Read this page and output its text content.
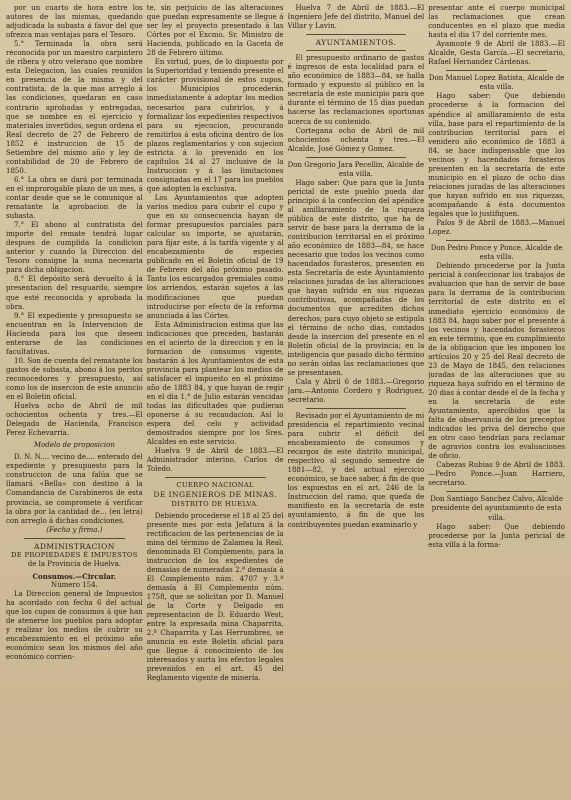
por un cuarto de hora entre los autores de las mismas, quedando adjudicada la subasta á favor del que ofrezca mas ventajas para el Tesoro.

5.° Terminada la obra será reconocida por un maestro carpintero de ribera y otro veterano que nombre esta Delegacion, las cuales reunidos en presencia de la misma y del contratista, de la que mas arreglo á las condiciones, quedaran en caso contrario aprobadas y entregadas, que se nombre en el ejercicio y materiales invertidos, segun ordena el Real decreto de 27 de Febrero de 1852 é instruccion de 15 de Setiembre del mismo año y ley de contabilidad de 20 de Febrero de 1850.

6.° La obra se dará por terminada en el improrogable plazo de un mes, á contar desde que se le comunique al rematante la aprobacion de la subasta.

7.° El abono al contratista del importe del remate tendrá lugar despues de cumplida la condicion anterior y cuando la Direccion del Tesoro consigne la suma necesaria para dicha obligacion.

8.° El depósito será devuelto á la presentacion del resguardo, siempre que esté reconocida y aprobada la obra.

9.° El expediente y presupuesto se encuentran en la Intervencion de Hacienda para los que deseen enterarse de las condiciones facultativas.

10. Son de cuenta del rematante los gastos de subasta, abono á los peritos reconocedores y presupuesto, así como los de insercion de este anuncio en el Boletin oficial.

Huelva ocho de Abril de mil ochocientos ochenta y tres.—El Delegado de Hacienda, Francisco Perez Echevarría.

Modelo de proposicion

D. N. N.... vecino de.... enterado del expediente y presupuesto para la construccion de una falúa que se llamará «Bella» con destino á la Comandancia de Carabineros de esta provincia, se compromete á verificar la obra por la cantidad de... (en letra) con arreglo á dichas condiciones.

(Fecha y firma.)

ADMINISTRACION

DE PROPIEDADES É IMPUESTOS

de la Provincia de Huelva.

Consumos.—Circular.

Número 154.

La Direccion general de Impuestos ha acordado con fecha 6 del actual que los cupos de consumos á que han de atenerse los pueblos para adoptar y realizar los medios de cubrir su encabezamiento en el próximo año económico sean los mismos del año económico corrien-

te, sin perjuicio de las alteraciones que puedan expresamente se llegue á ser ley el proyecto presentado á las Córtes por el Excmo. Sr. Ministro de Hacienda, publicado en la Gaceta de 28 de Febrero último.

En virtud, pues, de lo dispuesto por la Superioridad y teniendo presente el carácter provisional de estos cupos, los Municipios procederán inmediatamente á adoptar los medios necesarios para cubrirlos, y á formalizar los expedientes respectivos para su ejecucion, procurando remitirlos á esta oficina dentro de los plazos reglamentarios y con sujecion estricta á lo prevenido en los capítulos 24 al 27 inclusive de la Instruccion y á las limitaciones consignadas en el 17 para los pueblos que adopten la exclusiva.

Los Ayuntamientos que adopten varios medios para cubrir el cupo y que en su consecuencia hayan de formar presupuestos parciales para calcular su importe, se ajustarán, para fijar este, á la tarifa vigente y al encabezamiento de especies publicado en el Boletín oficial de 19 de Febrero del año próximo pasado. Tanto los encargados gremiales como los arriendos, estarán sujetos á las modificaciones que puedan introducirse por efecto de la reforma anunciada á las Córtes.

Esta Administracion estima que las indicaciones que preceden, bastarán en el acierto de la direccion y en la formacion de consumos vigente, bastarán á los Ayuntamientos de esta provincia para plantear los medios de satisfacer el impuesto en el próximo año de 1883 84, y que hayan de regir en el dia 1.° de Julio estarán vencidas todas las dificultades que pudieran oponerse á su recaudacion. Así lo espera del celo y actividad demostrados siempre por los Sres. Alcaldes en este servicio.

Huelva 9 de Abril de 1883.—El Administrador interino, Carlos de Toledo.

CUERPO NACIONAL

DE INGENIEROS DE MINAS.

DISTRITO DE HUELVA.

Debiendo procederse el 18 al 25 del presente mes por esta Jefatura á la rectificacion de las pertenencias de la mina del término de Zalamea la Real, denominada El Complemento, para la instruccion de los expedientes de demasías de numeradas 2.ª demasía á El Complemento núm. 4707 y 3.ª demasía á El Complemento núm. 1758, que se solicitan por D. Manuel de la Corte y Delgado en representacion de D. Eduardo West, entre la expresada mina Chaparrita, 2.ª Chaparrita y Las Herrumbres, se anuncia en este Boletín oficial para que llegue á conocimiento de los interesados y surta los efectos legales prevenidos en el art. 45 del Reglamento vigente de minería.

Huelva 7 de Abril de 1883.—El Ingeniero Jefe del distrito, Manuel del Villar y Lavin.

AYUNTAMIENTOS.

El presupuesto ordinario de gastos é ingresos de esta localidad para el año económico de 1883—84, se halla formado y expuesto al público en la secretaría de este municipio para que durante el término de 15 dias puedan hacerse las reclamaciones oportunas acerca de su contenido.

Cortegana ocho de Abril de mil ochocientos ochenta y tres.—El Alcalde, José Gómez y Gomez.

Don Gregorio Jara Pecellin, Alcalde de esta villa.

Hago saber: Que para que la Junta pericial de este pueblo pueda dar principio á la confeccion del apéndice al amillaramiento de la riqueza pública de este distrito, que ha de servir de base para la derrama de la contribucion territorial en el próximo año económico de 1883—84, se hace necesario que todos los vecinos como hacendados forasteros, presenten en esta Secretaría de este Ayuntamiento relaciones juradas de las alteraciones que hayan sufrido en sus riquezas contributivas, acompañadas de los documentos que acrediten dichos derechos; para cuyo objeto se estipula el término de ocho dias, contados desde la insercion del presente en el Boletín oficial de la provincia; en la inteligencia que pasado dicho término no serán oidas las reclamaciones que se presentasen.

Cala y Abril 6 de 1883.—Gregorio Jara.—Antonio Cordero y Rodriguez, secretario.

Revisado por el Ayuntamiento de mi presidencia el repartimiento vecinal para cubrir el déficit del encabezamiento de consumos y recargos de este distrito municipal, respectivo al segundo semestre de 1881—82, y del actual ejercicio económico, se hace saber, á fin de que los expuestos en el art. 246 de la Instruccion del ramo, que queda de manifiesto en la secretaría de este ayuntamiento, á fin de que los contribuyentes puedan examinarlo y

presentar ante el cuerpo municipal las reclamaciones que crean conducentes en el plazo que media hasta el dia 17 del corriente mes.

Ayamonte 9 de Abril de 1883.—El Alcalde, Gesta García.—El secretario, Rafael Hernandez Cárdenas.

Don Manuel Lopez Batista, Alcalde de esta villa.

Hago saber: Que debiendo procederse á la formacion del apéndice al amillaramiento de esta villa, base para el repartimiento de la contribucion territorial para el venidero año económico de 1883 á 84, se hace indispensable que los vecinos y hacendados forasteros presenten en la secretaría de este municipio en el plazo de ocho dias relaciones juradas de las alteraciones que hayan sufrido en sus riquezas, acompañando á ésta documentos legales que lo justifiquen.

Palos 9 de Abril de 1883.—Manuel Lopez.

Don Pedro Ponce y Ponce, Alcalde de esta villa.

Debiendo procederse por la Junta pericial á confeccionar los trabajos de evaluacion que han de servir de base para la derrama de la contribucion territorial de este distrito en el inmediato ejercicio económico de 1883 84, hago saber por el presente á los vecinos y hacendados forasteros en este término, que en cumplimiento de la obligacion que les imponen los artículos 20 y 25 del Real decreto de 23 de Mayo de 1845, den relaciones juradas de las alteraciones que su riqueza haya sufrido en el término de 20 dias á contar desde el de la fecha y en la secretaría de este Ayuntamiento, apercibidos que la falta de observancia de los preceptos indicados les priva del derecho que en otro caso tendrían para reclamar de agravios contra los evaluaciones de oficio.

Cabezas Rubias 9 de Abril de 1883.—Pedro Ponce.—Juan Harriero, secretario.

Don Santiago Sanchez Calvo, Alcalde presidente del ayuntamiento de esta villa.

Hago saber: Que debiendo procederse por la Junta pericial de esta villa á la forma-
